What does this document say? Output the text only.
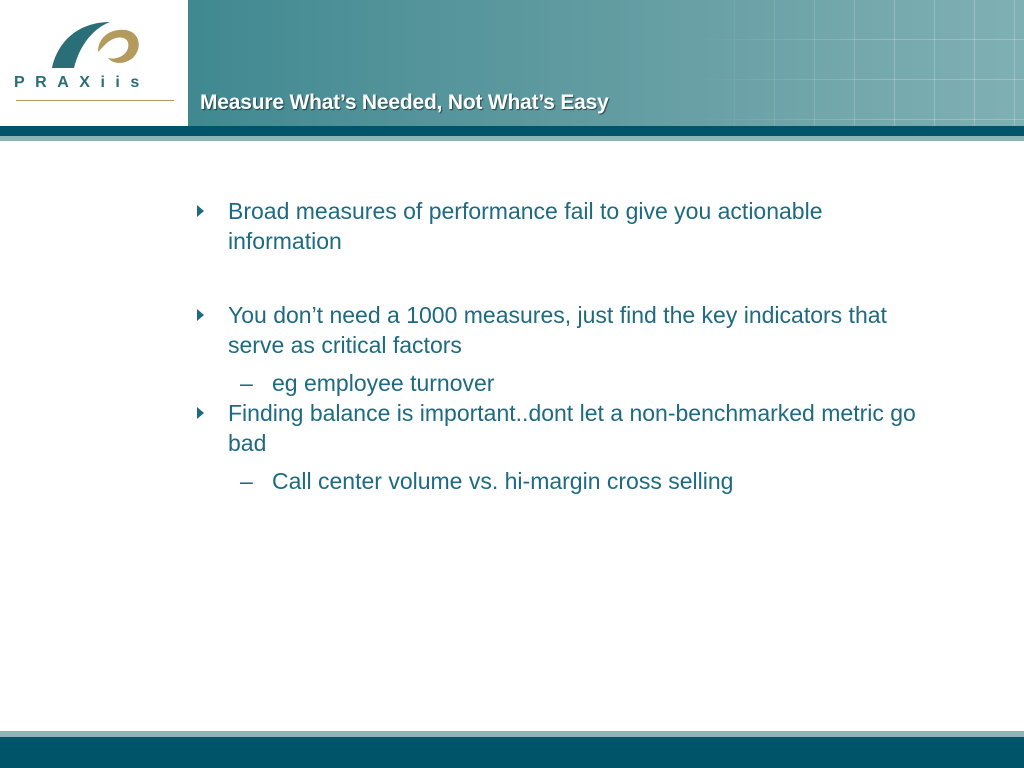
PRAXiis
Measure What’s Needed, Not What’s Easy
Broad measures of performance fail to give you actionable information
You don’t need a 1000 measures, just find the key indicators that serve as critical factors
– eg employee turnover
Finding balance is important..dont let a non-benchmarked metric go bad
– Call center volume vs. hi-margin cross selling
